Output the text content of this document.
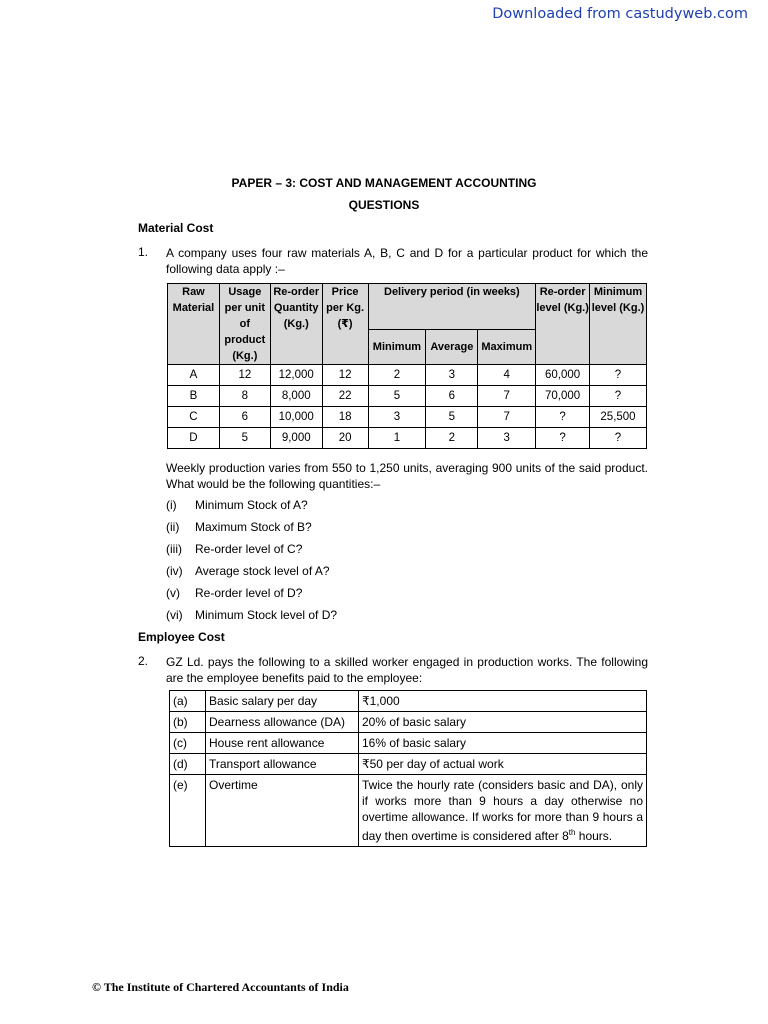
Downloaded from castudyweb.com
PAPER – 3: COST AND MANAGEMENT ACCOUNTING
QUESTIONS
Material Cost
1. A company uses four raw materials A, B, C and D for a particular product for which the following data apply :–
Raw Material	Usage per unit of product (Kg.)	Re-order Quantity (Kg.)	Price per Kg. (₹)	Delivery period (in weeks)			Re-order level (Kg.)	Minimum level (Kg.)
				Minimum	Average	Maximum		
A	12	12,000	12	2	3	4	60,000	?
B	8	8,000	22	5	6	7	70,000	?
C	6	10,000	18	3	5	7	?	25,500
D	5	9,000	20	1	2	3	?	?
Weekly production varies from 550 to 1,250 units, averaging 900 units of the said product. What would be the following quantities:–
(i) Minimum Stock of A?
(ii) Maximum Stock of B?
(iii) Re-order level of C?
(iv) Average stock level of A?
(v) Re-order level of D?
(vi) Minimum Stock level of D?
Employee Cost
2. GZ Ld. pays the following to a skilled worker engaged in production works. The following are the employee benefits paid to the employee:
(a)	Basic salary per day	₹1,000
(b)	Dearness allowance (DA)	20% of basic salary
(c)	House rent allowance	16% of basic salary
(d)	Transport allowance	₹50 per day of actual work
(e)	Overtime	Twice the hourly rate (considers basic and DA), only if works more than 9 hours a day otherwise no overtime allowance. If works for more than 9 hours a day then overtime is considered after 8th hours.
© The Institute of Chartered Accountants of India
